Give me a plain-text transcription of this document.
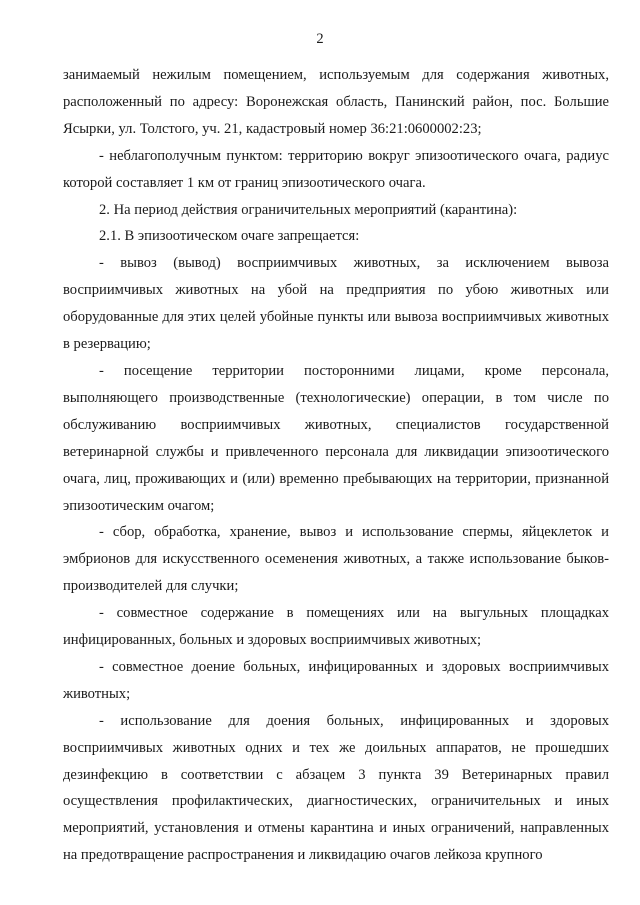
2

занимаемый нежилым помещением, используемым для содержания животных, расположенный по адресу: Воронежская область, Панинский район, пос. Большие Ясырки, ул. Толстого, уч. 21, кадастровый номер 36:21:0600002:23;

- неблагополучным пунктом: территорию вокруг эпизоотического очага, радиус которой составляет 1 км от границ эпизоотического очага.

2. На период действия ограничительных мероприятий (карантина):

2.1. В эпизоотическом очаге запрещается:

- вывоз (вывод) восприимчивых животных, за исключением вывоза восприимчивых животных на убой на предприятия по убою животных или оборудованные для этих целей убойные пункты или вывоза восприимчивых животных в резервацию;

- посещение территории посторонними лицами, кроме персонала, выполняющего производственные (технологические) операции, в том числе по обслуживанию восприимчивых животных, специалистов государственной ветеринарной службы и привлеченного персонала для ликвидации эпизоотического очага, лиц, проживающих и (или) временно пребывающих на территории, признанной эпизоотическим очагом;

- сбор, обработка, хранение, вывоз и использование спермы, яйцеклеток и эмбрионов для искусственного осеменения животных, а также использование быков-производителей для случки;

- совместное содержание в помещениях или на выгульных площадках инфицированных, больных и здоровых восприимчивых животных;

- совместное доение больных, инфицированных и здоровых восприимчивых животных;

- использование для доения больных, инфицированных и здоровых восприимчивых животных одних и тех же доильных аппаратов, не прошедших дезинфекцию в соответствии с абзацем 3 пункта 39 Ветеринарных правил осуществления профилактических, диагностических, ограничительных и иных мероприятий, установления и отмены карантина и иных ограничений, направленных на предотвращение распространения и ликвидацию очагов лейкоза крупного
